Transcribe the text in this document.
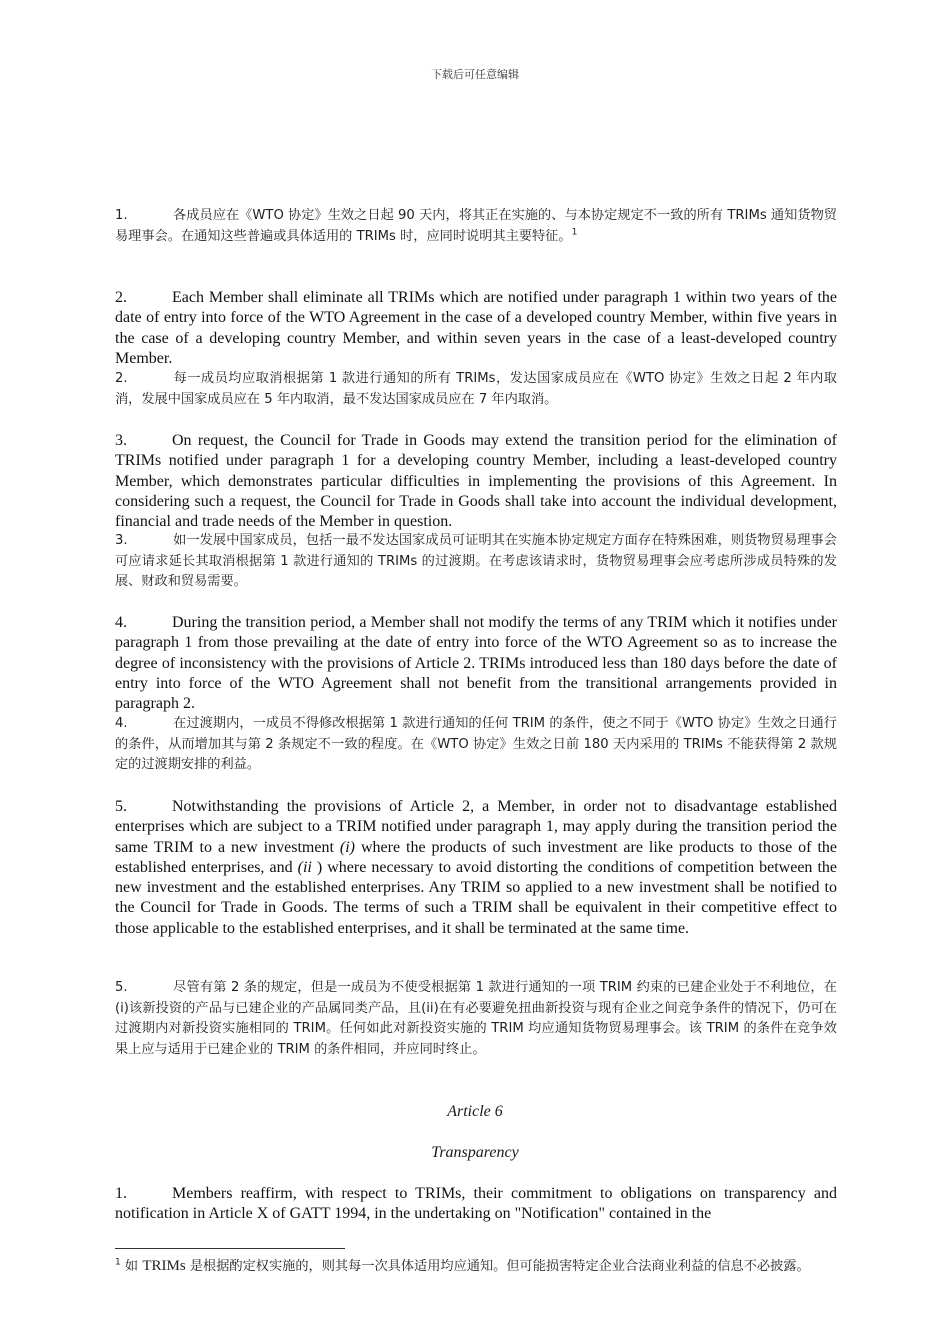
下载后可任意编辑
1.	各成员应在《WTO 协定》生效之日起 90 天内，将其正在实施的、与本协定规定不一致的所有 TRIMs 通知货物贸易理事会。在通知这些普遍或具体适用的 TRIMs 时，应同时说明其主要特征。$^1$
2.	Each Member shall eliminate all TRIMs which are notified under paragraph 1 within two years of the date of entry into force of the WTO Agreement in the case of a developed country Member, within five years in the case of a developing country Member, and within seven years in the case of a least-developed country Member.
2.	每一成员均应取消根据第 1 款进行通知的所有 TRIMs，发达国家成员应在《WTO 协定》生效之日起 2 年内取消，发展中国家成员应在 5 年内取消，最不发达国家成员应在 7 年内取消。
3.	On request, the Council for Trade in Goods may extend the transition period for the elimination of TRIMs notified under paragraph 1 for a developing country Member, including a least-developed country Member, which demonstrates particular difficulties in implementing the provisions of this Agreement. In considering such a request, the Council for Trade in Goods shall take into account the individual development, financial and trade needs of the Member in question.
3.	如一发展中国家成员，包括一最不发达国家成员可证明其在实施本协定规定方面存在特殊困难，则货物贸易理事会可应请求延长其取消根据第 1 款进行通知的 TRIMs 的过渡期。在考虑该请求时，货物贸易理事会应考虑所涉成员特殊的发展、财政和贸易需要。
4.	During the transition period, a Member shall not modify the terms of any TRIM which it notifies under paragraph 1 from those prevailing at the date of entry into force of the WTO Agreement so as to increase the degree of inconsistency with the provisions of Article 2. TRIMs introduced less than 180 days before the date of entry into force of the WTO Agreement shall not benefit from the transitional arrangements provided in paragraph 2.
4.	在过渡期内，一成员不得修改根据第 1 款进行通知的任何 TRIM 的条件，使之不同于《WTO 协定》生效之日通行的条件，从而增加其与第 2 条规定不一致的程度。在《WTO 协定》生效之日前 180 天内采用的 TRIMs 不能获得第 2 款规定的过渡期安排的利益。
5.	Notwithstanding the provisions of Article 2, a Member, in order not to disadvantage established enterprises which are subject to a TRIM notified under paragraph 1, may apply during the transition period the same TRIM to a new investment (i) where the products of such investment are like products to those of the established enterprises, and (ii ) where necessary to avoid distorting the conditions of competition between the new investment and the established enterprises. Any TRIM so applied to a new investment shall be notified to the Council for Trade in Goods. The terms of such a TRIM shall be equivalent in their competitive effect to those applicable to the established enterprises, and it shall be terminated at the same time.
5.	尽管有第 2 条的规定，但是一成员为不使受根据第 1 款进行通知的一项 TRIM 约束的已建企业处于不利地位，在(i)该新投资的产品与已建企业的产品属同类产品，且(ii)在有必要避免扭曲新投资与现有企业之间竞争条件的情况下，仍可在过渡期内对新投资实施相同的 TRIM。任何如此对新投资实施的 TRIM 均应通知货物贸易理事会。该 TRIM 的条件在竞争效果上应与适用于已建企业的 TRIM 的条件相同，并应同时终止。
Article 6
Transparency
1.	Members reaffirm, with respect to TRIMs, their commitment to obligations on transparency and notification in Article X of GATT 1994, in the undertaking on "Notification" contained in the
$^1$ 如 TRIMs 是根据酌定权实施的，则其每一次具体适用均应通知。但可能损害特定企业合法商业利益的信息不必披露。
